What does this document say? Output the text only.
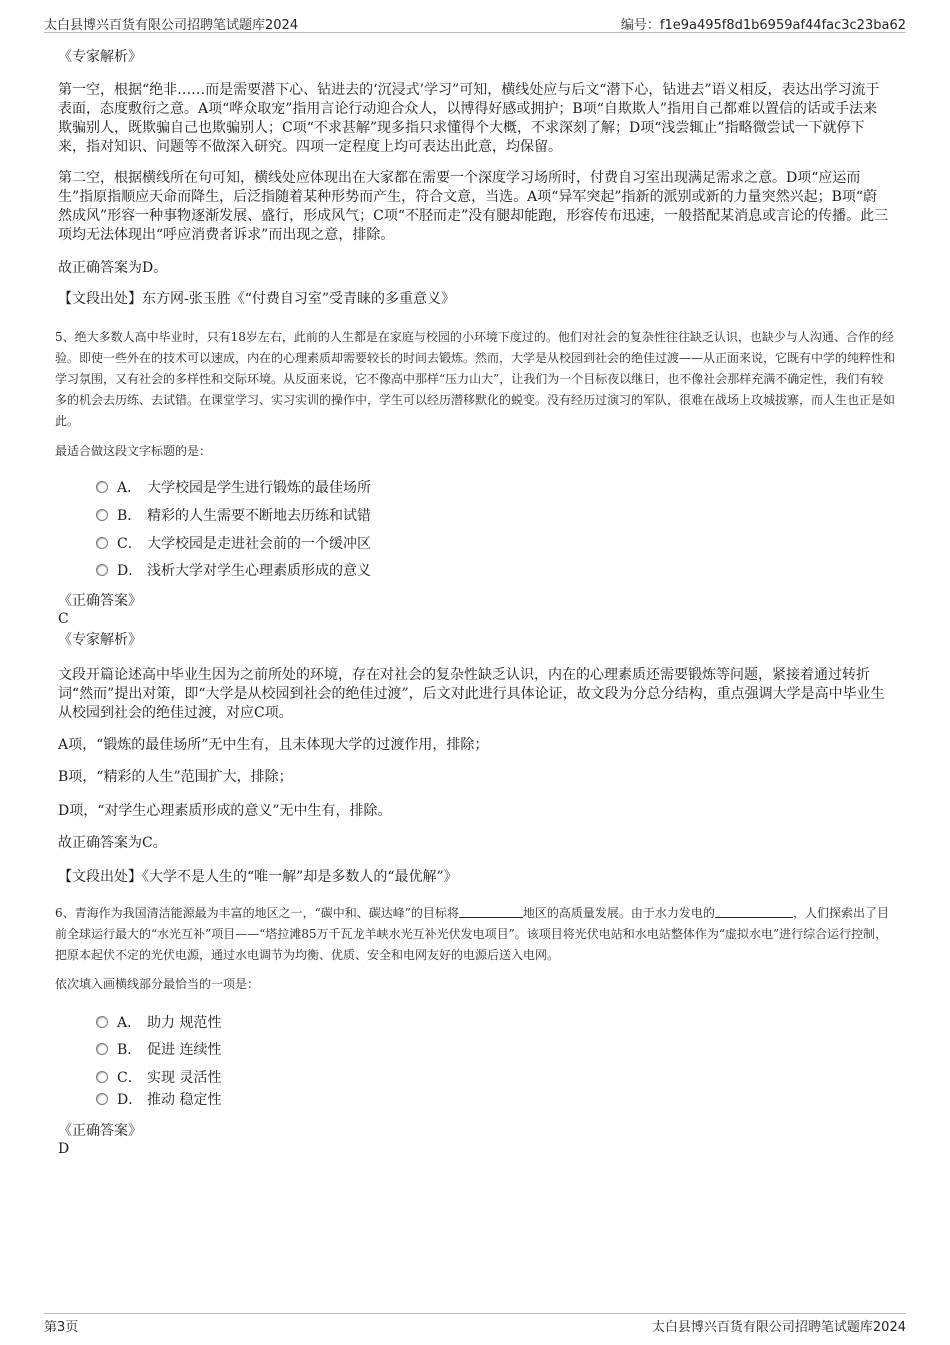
太白县博兴百货有限公司招聘笔试题库2024	编号：f1e9a495f8d1b6959af44fac3c23ba62
《专家解析》

第一空，根据“绝非……而是需要潜下心、钻进去的‘沉浸式’学习”可知，横线处应与后文“潜下心，钻进去”语义相反，表达出学习流于表面，态度敷衍之意。A项“哗众取宠”指用言论行动迎合众人，以博得好感或拥护；B项“自欺欺人”指用自己都难以置信的话或手法来欺骗别人，既欺骗自己也欺骗别人；C项“不求甚解”现多指只求懂得个大概，不求深刻了解；D项“浅尝辄止”指略微尝试一下就停下来，指对知识、问题等不做深入研究。四项一定程度上均可表达出此意，均保留。

第二空，根据横线所在句可知，横线处应体现出在大家都在需要一个深度学习场所时，付费自习室出现满足需求之意。D项“应运而生”指原指顺应天命而降生，后泛指随着某种形势而产生，符合文意，当选。A项“异军突起”指新的派别或新的力量突然兴起；B项“蔚然成风”形容一种事物逐渐发展、盛行，形成风气；C项“不胫而走”没有腿却能跑，形容传布迅速，一般搭配某消息或言论的传播。此三项均无法体现出“呼应消费者诉求”而出现之意，排除。

故正确答案为D。

【文段出处】东方网-张玉胜《“付费自习室”受青睐的多重意义》

5、绝大多数人高中毕业时，只有18岁左右，此前的人生都是在家庭与校园的小环境下度过的。他们对社会的复杂性往往缺乏认识，也缺少与人沟通、合作的经验。即使一些外在的技术可以速成，内在的心理素质却需要较长的时间去锻炼。然而，大学是从校园到社会的绝佳过渡——从正面来说，它既有中学的纯粹性和学习氛围，又有社会的多样性和交际环境。从反面来说，它不像高中那样“压力山大”，让我们为一个目标夜以继日，也不像社会那样充满不确定性，我们有较多的机会去历练、去试错。在课堂学习、实习实训的操作中，学生可以经历潜移默化的蜕变。没有经历过演习的军队，很难在战场上攻城拔寨，而人生也正是如此。

最适合做这段文字标题的是：

A． 大学校园是学生进行锻炼的最佳场所
B． 精彩的人生需要不断地去历练和试错
C． 大学校园是走进社会前的一个缓冲区
D． 浅析大学对学生心理素质形成的意义
《正确答案》
C
《专家解析》

文段开篇论述高中毕业生因为之前所处的环境，存在对社会的复杂性缺乏认识，内在的心理素质还需要锻炼等问题，紧接着通过转折词“然而”提出对策，即“大学是从校园到社会的绝佳过渡”，后文对此进行具体论证，故文段为分总分结构，重点强调大学是高中毕业生从校园到社会的绝佳过渡，对应C项。

A项，“锻炼的最佳场所”无中生有，且未体现大学的过渡作用，排除；

B项，“精彩的人生”范围扩大，排除；

D项，“对学生心理素质形成的意义”无中生有，排除。

故正确答案为C。

【文段出处】《大学不是人生的“唯一解”却是多数人的“最优解”》

6、青海作为我国清洁能源最为丰富的地区之一，“碳中和、碳达峰”的目标将	地区的高质量发展。由于水力发电的	，人们探索出了目前全球运行最大的“水光互补”项目——“塔拉滩85万千瓦龙羊峡水光互补光伏发电项目”。该项目将光伏电站和水电站整体作为“虚拟水电”进行综合运行控制，把原本起伏不定的光伏电源，通过水电调节为均衡、优质、安全和电网友好的电源后送入电网。

依次填入画横线部分最恰当的一项是：

A． 助力 规范性
B． 促进 连续性
C． 实现 灵活性
D． 推动 稳定性
《正确答案》
D
第3页	太白县博兴百货有限公司招聘笔试题库2024
